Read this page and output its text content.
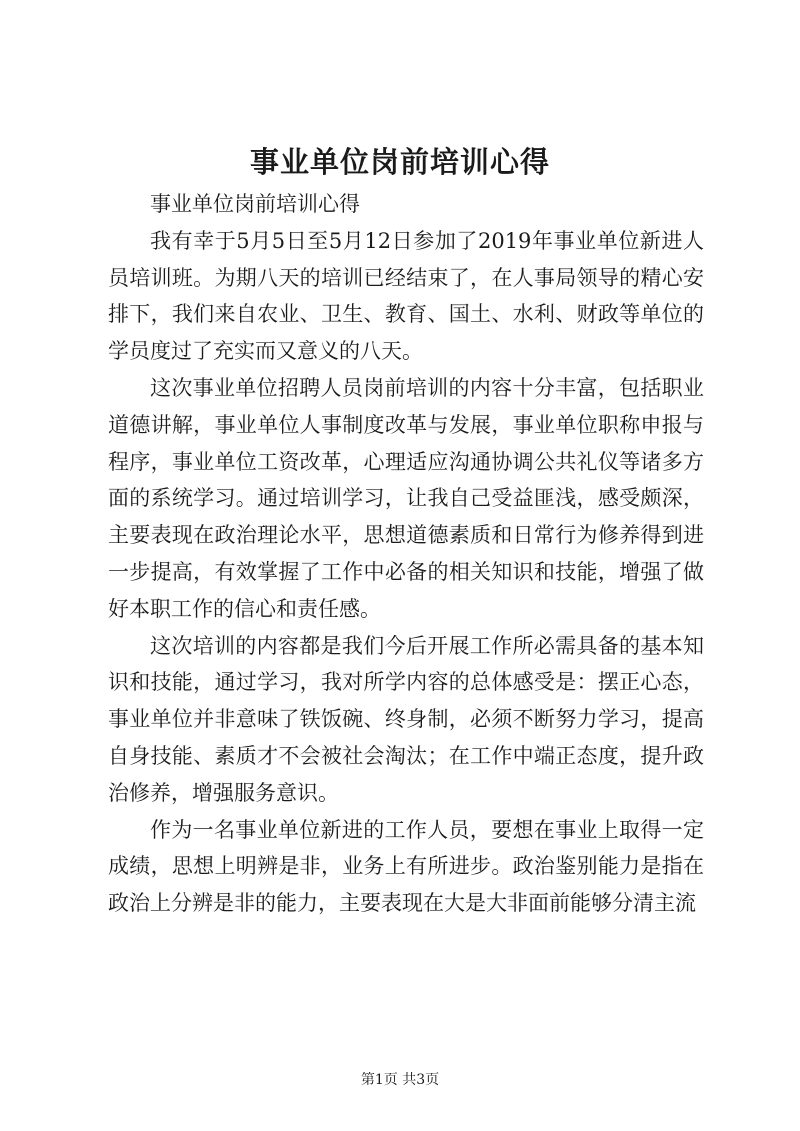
事业单位岗前培训心得

事业单位岗前培训心得

我有幸于5月5日至5月12日参加了2019年事业单位新进人员培训班。为期八天的培训已经结束了，在人事局领导的精心安排下，我们来自农业、卫生、教育、国土、水利、财政等单位的学员度过了充实而又意义的八天。

这次事业单位招聘人员岗前培训的内容十分丰富，包括职业道德讲解，事业单位人事制度改革与发展，事业单位职称申报与程序，事业单位工资改革，心理适应沟通协调公共礼仪等诸多方面的系统学习。通过培训学习，让我自己受益匪浅，感受颇深，主要表现在政治理论水平，思想道德素质和日常行为修养得到进一步提高，有效掌握了工作中必备的相关知识和技能，增强了做好本职工作的信心和责任感。

这次培训的内容都是我们今后开展工作所必需具备的基本知识和技能，通过学习，我对所学内容的总体感受是：摆正心态，事业单位并非意味了铁饭碗、终身制，必须不断努力学习，提高自身技能、素质才不会被社会淘汰；在工作中端正态度，提升政治修养，增强服务意识。

作为一名事业单位新进的工作人员，要想在事业上取得一定成绩，思想上明辨是非，业务上有所进步。政治鉴别能力是指在政治上分辨是非的能力，主要表现在大是大非面前能够分清主流

第1页 共3页
